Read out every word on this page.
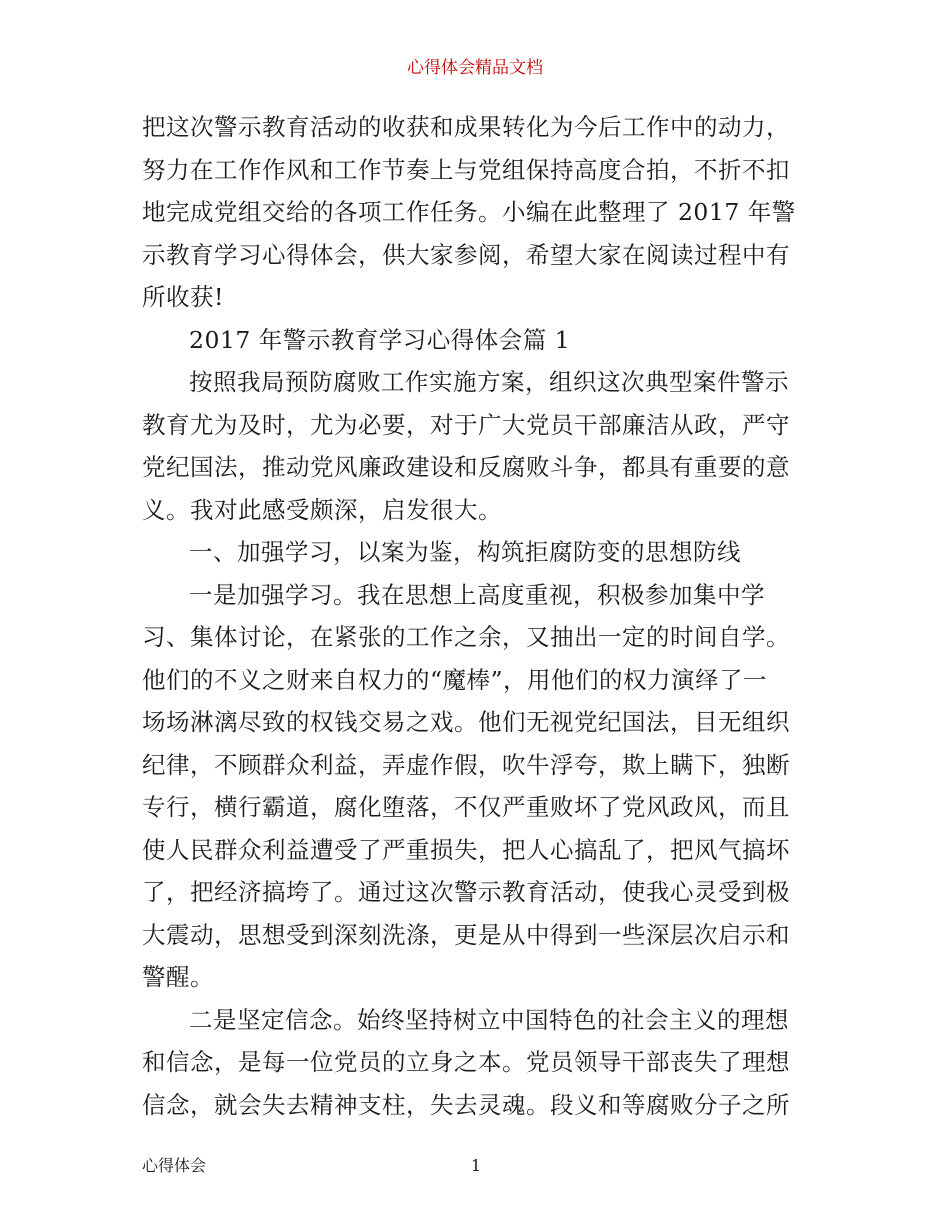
心得体会精品文档
把这次警示教育活动的收获和成果转化为今后工作中的动力，
努力在工作作风和工作节奏上与党组保持高度合拍，不折不扣
地完成党组交给的各项工作任务。小编在此整理了 2017 年警
示教育学习心得体会，供大家参阅，希望大家在阅读过程中有
所收获!
2017 年警示教育学习心得体会篇 1
按照我局预防腐败工作实施方案，组织这次典型案件警示
教育尤为及时，尤为必要，对于广大党员干部廉洁从政，严守
党纪国法，推动党风廉政建设和反腐败斗争，都具有重要的意
义。我对此感受颇深，启发很大。
一、加强学习，以案为鉴，构筑拒腐防变的思想防线
一是加强学习。我在思想上高度重视，积极参加集中学
习、集体讨论，在紧张的工作之余，又抽出一定的时间自学。
他们的不义之财来自权力的“魔棒”，用他们的权力演绎了一
场场淋漓尽致的权钱交易之戏。他们无视党纪国法，目无组织
纪律，不顾群众利益，弄虚作假，吹牛浮夸，欺上瞒下，独断
专行，横行霸道，腐化堕落，不仅严重败坏了党风政风，而且
使人民群众利益遭受了严重损失，把人心搞乱了，把风气搞坏
了，把经济搞垮了。通过这次警示教育活动，使我心灵受到极
大震动，思想受到深刻洗涤，更是从中得到一些深层次启示和
警醒。
二是坚定信念。始终坚持树立中国特色的社会主义的理想
和信念，是每一位党员的立身之本。党员领导干部丧失了理想
信念，就会失去精神支柱，失去灵魂。段义和等腐败分子之所
心得体会	1
